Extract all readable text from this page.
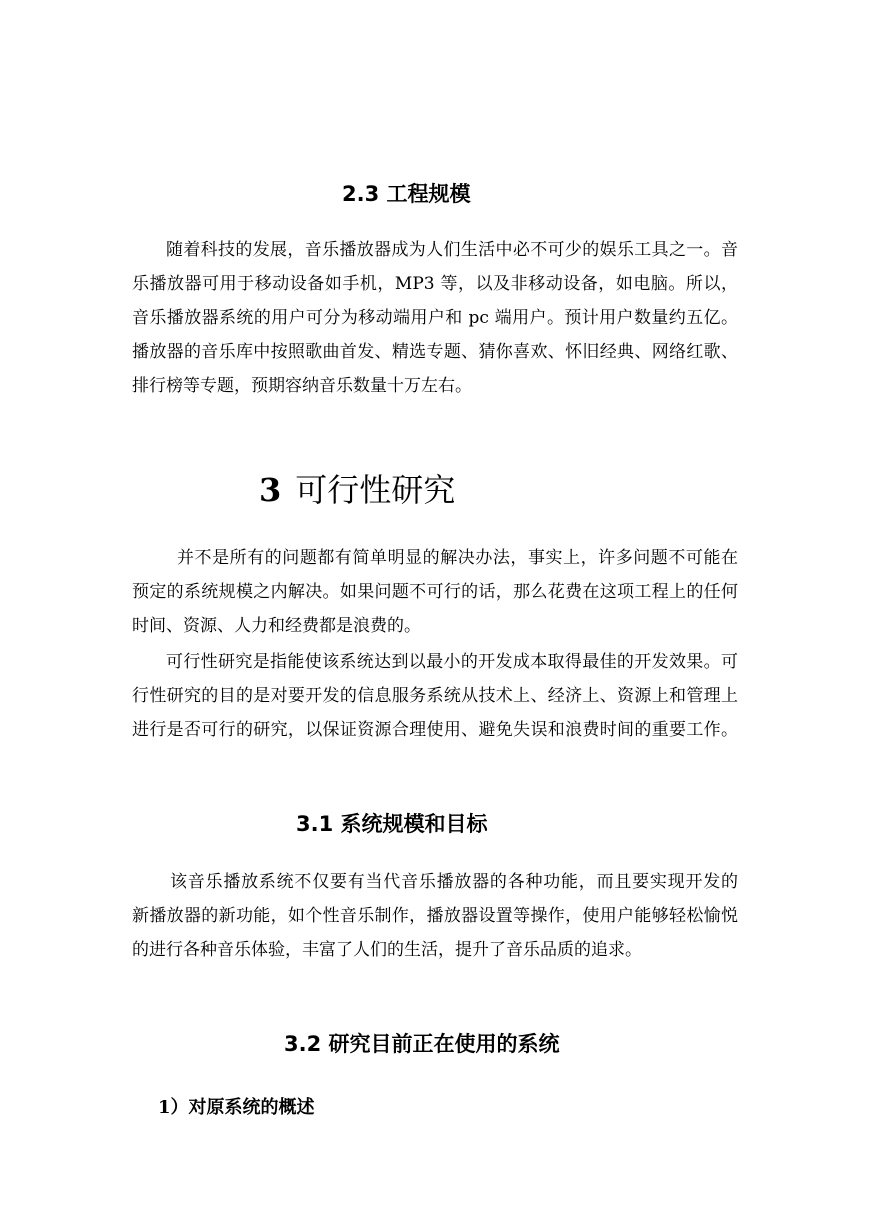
2.3 工程规模
随着科技的发展，音乐播放器成为人们生活中必不可少的娱乐工具之一。音
乐播放器可用于移动设备如手机，MP3 等，以及非移动设备，如电脑。所以，
音乐播放器系统的用户可分为移动端用户和 pc 端用户。预计用户数量约五亿。
播放器的音乐库中按照歌曲首发、精选专题、猜你喜欢、怀旧经典、网络红歌、
排行榜等专题，预期容纳音乐数量十万左右。
3 可行性研究
并不是所有的问题都有简单明显的解决办法，事实上，许多问题不可能在
预定的系统规模之内解决。如果问题不可行的话，那么花费在这项工程上的任何
时间、资源、人力和经费都是浪费的。
可行性研究是指能使该系统达到以最小的开发成本取得最佳的开发效果。可
行性研究的目的是对要开发的信息服务系统从技术上、经济上、资源上和管理上
进行是否可行的研究，以保证资源合理使用、避免失误和浪费时间的重要工作。
3.1 系统规模和目标
该音乐播放系统不仅要有当代音乐播放器的各种功能，而且要实现开发的
新播放器的新功能，如个性音乐制作，播放器设置等操作，使用户能够轻松愉悦
的进行各种音乐体验，丰富了人们的生活，提升了音乐品质的追求。
3.2 研究目前正在使用的系统
1）对原系统的概述
